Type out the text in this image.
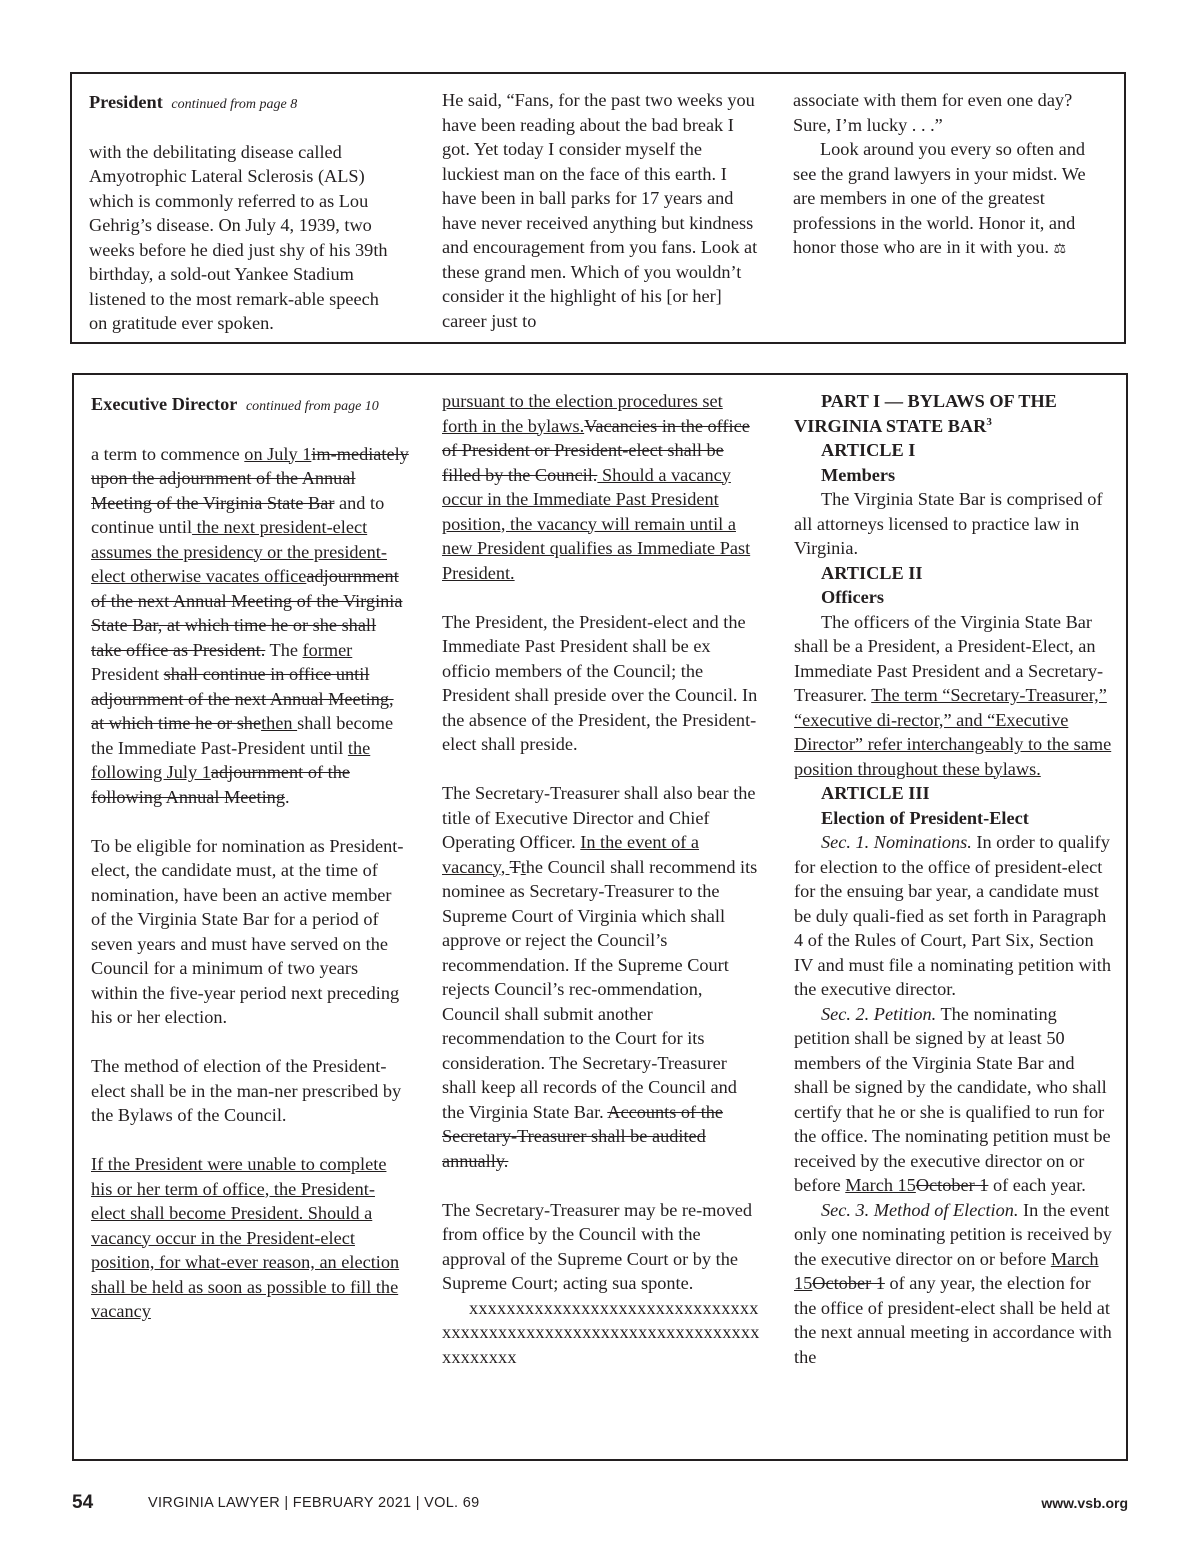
President continued from page 8

with the debilitating disease called Amyotrophic Lateral Sclerosis (ALS) which is commonly referred to as Lou Gehrig’s disease. On July 4, 1939, two weeks before he died just shy of his 39th birthday, a sold-out Yankee Stadium listened to the most remark-able speech on gratitude ever spoken.

He said, “Fans, for the past two weeks you have been reading about the bad break I got. Yet today I consider myself the luckiest man on the face of this earth. I have been in ball parks for 17 years and have never received anything but kindness and encouragement from you fans. Look at these grand men. Which of you wouldn’t consider it the highlight of his [or her] career just to

associate with them for even one day? Sure, I’m lucky . . .”

Look around you every so often and see the grand lawyers in your midst. We are members in one of the greatest professions in the world. Honor it, and honor those who are in it with you. ⚖

Executive Director continued from page 10

a term to commence on July 1im-mediately upon the adjournment of the Annual Meeting of the Virginia State Bar and to continue until the next president-elect assumes the presidency or the president-elect otherwise vacates officeadjournment of the next Annual Meeting of the Virginia State Bar, at which time he or she shall take office as President. The former President shall continue in office until adjournment of the next Annual Meeting, at which time he or shethen shall become the Immediate Past-President until the following July 1adjournment of the following Annual Meeting.

To be eligible for nomination as President-elect, the candidate must, at the time of nomination, have been an active member of the Virginia State Bar for a period of seven years and must have served on the Council for a minimum of two years within the five-year period next preceding his or her election.

The method of election of the President-elect shall be in the man-ner prescribed by the Bylaws of the Council.

If the President were unable to complete his or her term of office, the President-elect shall become President. Should a vacancy occur in the President-elect position, for what-ever reason, an election shall be held as soon as possible to fill the vacancy

pursuant to the election procedures set forth in the bylaws.Vacancies in the office of President or President-elect shall be filled by the Council. Should a vacancy occur in the Immediate Past President position, the vacancy will remain until a new President qualifies as Immediate Past President.

The President, the President-elect and the Immediate Past President shall be ex officio members of the Council; the President shall preside over the Council. In the absence of the President, the President-elect shall preside.

The Secretary-Treasurer shall also bear the title of Executive Director and Chief Operating Officer. In the event of a vacancy, Tthe Council shall recommend its nominee as Secretary-Treasurer to the Supreme Court of Virginia which shall approve or reject the Council’s recommendation. If the Supreme Court rejects Council’s rec-ommendation, Council shall submit another recommendation to the Court for its consideration. The Secretary-Treasurer shall keep all records of the Council and the Virginia State Bar. Accounts of the Secretary-Treasurer shall be audited annually.

The Secretary-Treasurer may be re-moved from office by the Council with the approval of the Supreme Court or by the Supreme Court; acting sua sponte.

xxxxxxxxxxxxxxxxxxxxxxxxxxxxxxxxxxxxxxxxxxxxxxxxxxxxxxxxxxxxxxxxxxxxxxxxx

PART I — BYLAWS OF THE VIRGINIA STATE BAR$^3$

ARTICLE I

Members

The Virginia State Bar is comprised of all attorneys licensed to practice law in Virginia.

ARTICLE II

Officers

The officers of the Virginia State Bar shall be a President, a President-Elect, an Immediate Past President and a Secretary-Treasurer. The term “Secretary-Treasurer,” “executive di-rector,” and “Executive Director” refer interchangeably to the same position throughout these bylaws.

ARTICLE III

Election of President-Elect

Sec. 1. Nominations. In order to qualify for election to the office of president-elect for the ensuing bar year, a candidate must be duly quali-fied as set forth in Paragraph 4 of the Rules of Court, Part Six, Section IV and must file a nominating petition with the executive director.

Sec. 2. Petition. The nominating petition shall be signed by at least 50 members of the Virginia State Bar and shall be signed by the candidate, who shall certify that he or she is qualified to run for the office. The nominating petition must be received by the executive director on or before March 15October 1 of each year.

Sec. 3. Method of Election. In the event only one nominating petition is received by the executive director on or before March 15October 1 of any year, the election for the office of president-elect shall be held at the next annual meeting in accordance with the

54	VIRGINIA LAWYER | FEBRUARY 2021 | VOL. 69	www.vsb.org
